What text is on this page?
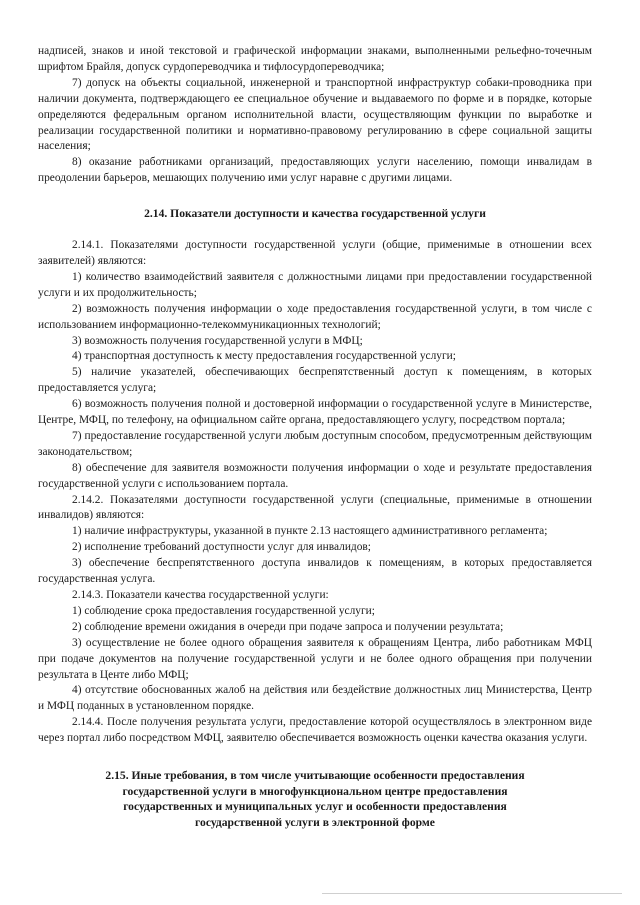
надписей, знаков и иной текстовой и графической информации знаками, выполненными рельефно-точечным шрифтом Брайля, допуск сурдопереводчика и тифлосурдопереводчика;

7) допуск на объекты социальной, инженерной и транспортной инфраструктур собаки-проводника при наличии документа, подтверждающего ее специальное обучение и выдаваемого по форме и в порядке, которые определяются федеральным органом исполнительной власти, осуществляющим функции по выработке и реализации государственной политики и нормативно-правовому регулированию в сфере социальной защиты населения;

8) оказание работниками организаций, предоставляющих услуги населению, помощи инвалидам в преодолении барьеров, мешающих получению ими услуг наравне с другими лицами.

2.14. Показатели доступности и качества государственной услуги

2.14.1. Показателями доступности государственной услуги (общие, применимые в отношении всех заявителей) являются:

1) количество взаимодействий заявителя с должностными лицами при предоставлении государственной услуги и их продолжительность;

2) возможность получения информации о ходе предоставления государственной услуги, в том числе с использованием информационно-телекоммуникационных технологий;

3) возможность получения государственной услуги в МФЦ;

4) транспортная доступность к месту предоставления государственной услуги;

5) наличие указателей, обеспечивающих беспрепятственный доступ к помещениям, в которых предоставляется услуга;

6) возможность получения полной и достоверной информации о государственной услуге в Министерстве, Центре, МФЦ, по телефону, на официальном сайте органа, предоставляющего услугу, посредством портала;

7) предоставление государственной услуги любым доступным способом, предусмотренным действующим законодательством;

8) обеспечение для заявителя возможности получения информации о ходе и результате предоставления государственной услуги с использованием портала.

2.14.2. Показателями доступности государственной услуги (специальные, применимые в отношении инвалидов) являются:

1) наличие инфраструктуры, указанной в пункте 2.13 настоящего административного регламента;

2) исполнение требований доступности услуг для инвалидов;

3) обеспечение беспрепятственного доступа инвалидов к помещениям, в которых предоставляется государственная услуга.

2.14.3. Показатели качества государственной услуги:

1) соблюдение срока предоставления государственной услуги;

2) соблюдение времени ожидания в очереди при подаче запроса и получении результата;

3) осуществление не более одного обращения заявителя к обращениям Центра, либо работникам МФЦ при подаче документов на получение государственной услуги и не более одного обращения при получении результата в Центе либо МФЦ;

4) отсутствие обоснованных жалоб на действия или бездействие должностных лиц Министерства, Центр и МФЦ поданных в установленном порядке.

2.14.4. После получения результата услуги, предоставление которой осуществлялось в электронном виде через портал либо посредством МФЦ, заявителю обеспечивается возможность оценки качества оказания услуги.

2.15. Иные требования, в том числе учитывающие особенности предоставления
государственной услуги в многофункциональном центре предоставления
государственных и муниципальных услуг и особенности предоставления
государственной услуги в электронной форме
